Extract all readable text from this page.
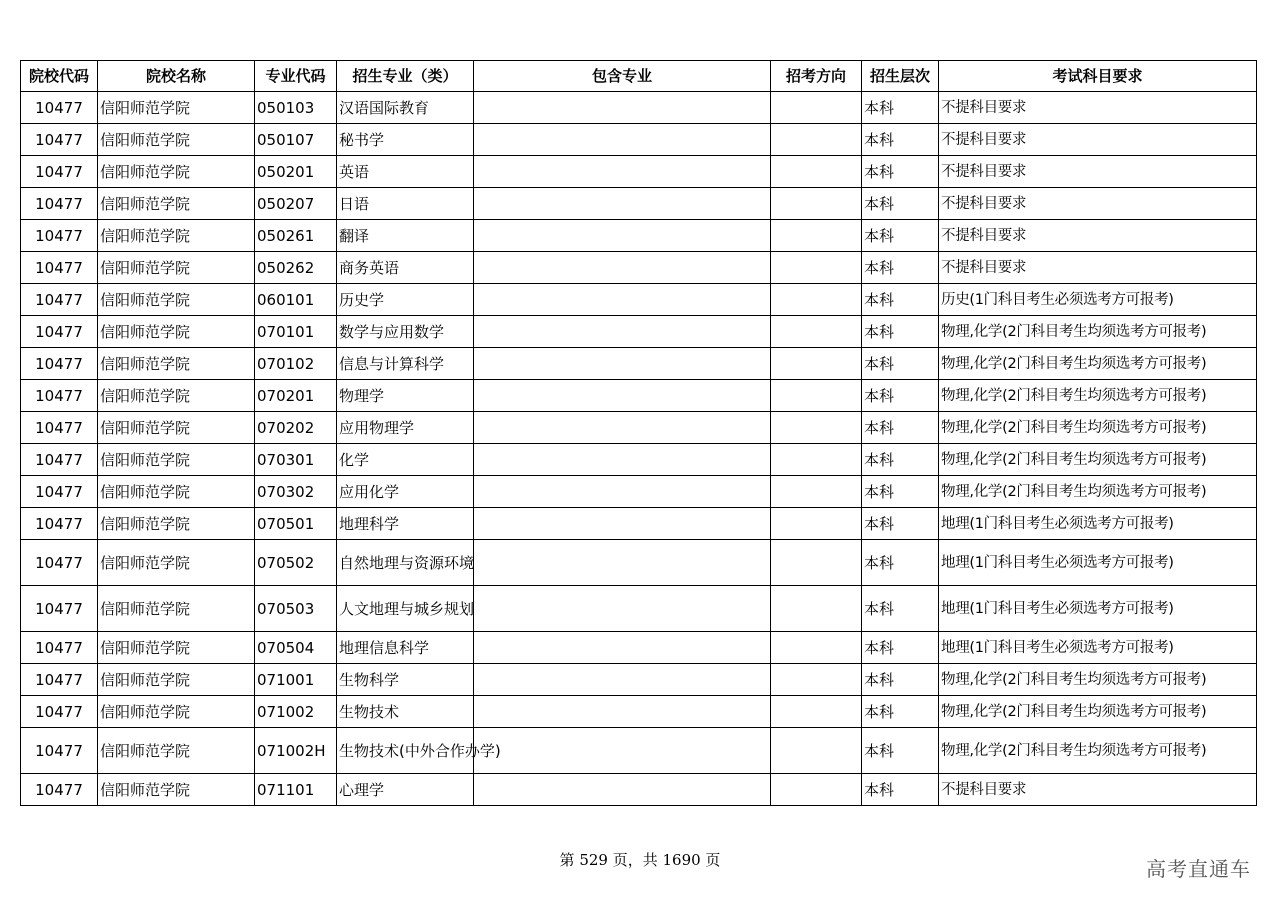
院校代码	院校名称	专业代码	招生专业（类）	包含专业	招考方向	招生层次	考试科目要求
10477	信阳师范学院	050103	汉语国际教育			本科	不提科目要求
10477	信阳师范学院	050107	秘书学			本科	不提科目要求
10477	信阳师范学院	050201	英语			本科	不提科目要求
10477	信阳师范学院	050207	日语			本科	不提科目要求
10477	信阳师范学院	050261	翻译			本科	不提科目要求
10477	信阳师范学院	050262	商务英语			本科	不提科目要求
10477	信阳师范学院	060101	历史学			本科	历史(1门科目考生必须选考方可报考)
10477	信阳师范学院	070101	数学与应用数学			本科	物理,化学(2门科目考生均须选考方可报考)
10477	信阳师范学院	070102	信息与计算科学			本科	物理,化学(2门科目考生均须选考方可报考)
10477	信阳师范学院	070201	物理学			本科	物理,化学(2门科目考生均须选考方可报考)
10477	信阳师范学院	070202	应用物理学			本科	物理,化学(2门科目考生均须选考方可报考)
10477	信阳师范学院	070301	化学			本科	物理,化学(2门科目考生均须选考方可报考)
10477	信阳师范学院	070302	应用化学			本科	物理,化学(2门科目考生均须选考方可报考)
10477	信阳师范学院	070501	地理科学			本科	地理(1门科目考生必须选考方可报考)
10477	信阳师范学院	070502	自然地理与资源环境			本科	地理(1门科目考生必须选考方可报考)
10477	信阳师范学院	070503	人文地理与城乡规划			本科	地理(1门科目考生必须选考方可报考)
10477	信阳师范学院	070504	地理信息科学			本科	地理(1门科目考生必须选考方可报考)
10477	信阳师范学院	071001	生物科学			本科	物理,化学(2门科目考生均须选考方可报考)
10477	信阳师范学院	071002	生物技术			本科	物理,化学(2门科目考生均须选考方可报考)
10477	信阳师范学院	071002H	生物技术(中外合作办学)			本科	物理,化学(2门科目考生均须选考方可报考)
10477	信阳师范学院	071101	心理学			本科	不提科目要求
第 529 页，共 1690 页	高考直通车
